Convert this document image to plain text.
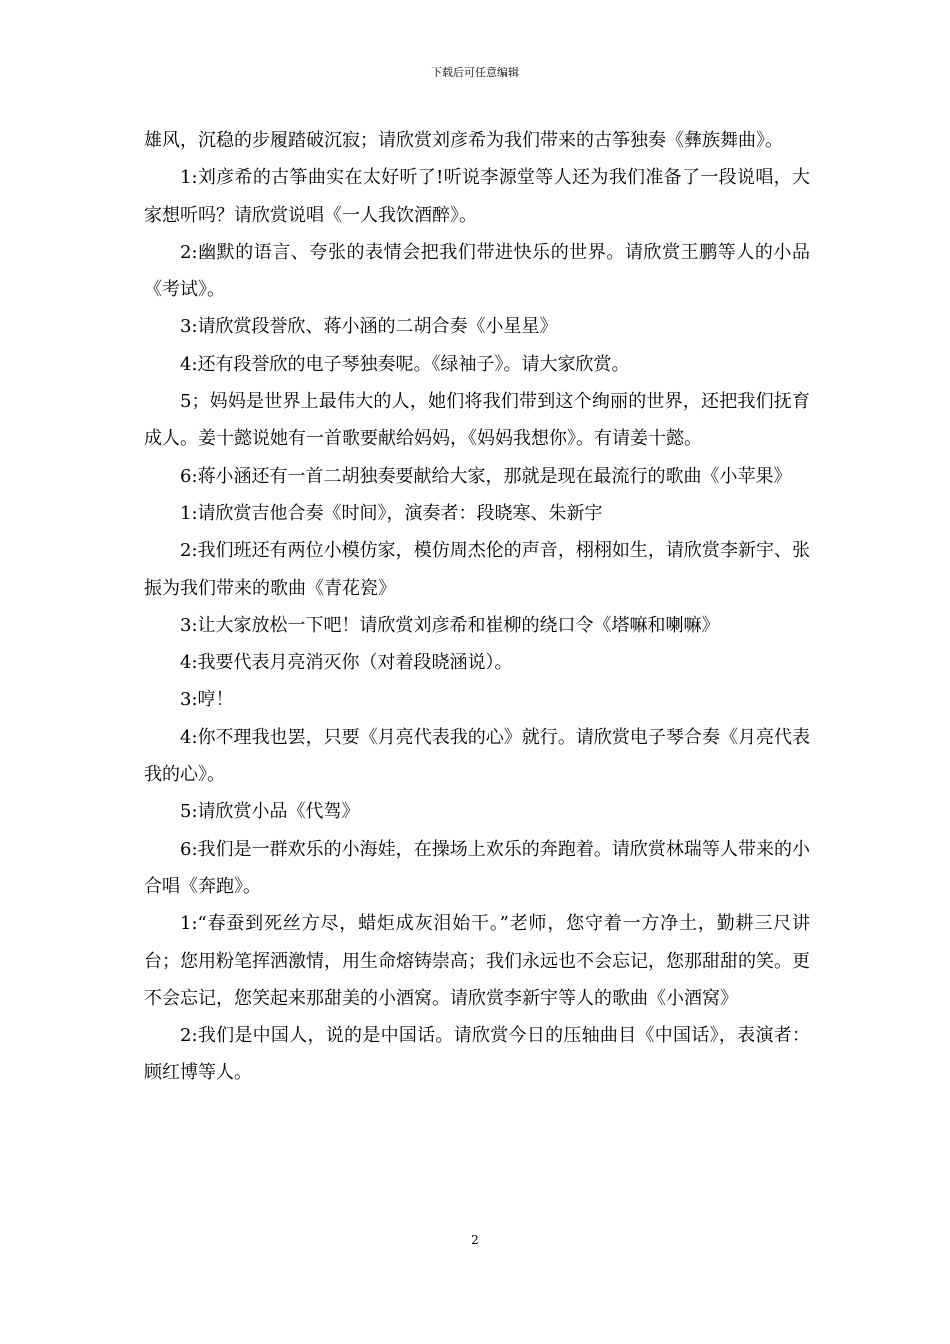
下载后可任意编辑

雄风，沉稳的步履踏破沉寂；请欣赏刘彦希为我们带来的古筝独奏《彝族舞曲》。

1:刘彦希的古筝曲实在太好听了!听说李源堂等人还为我们准备了一段说唱，大家想听吗？请欣赏说唱《一人我饮酒醉》。

2:幽默的语言、夸张的表情会把我们带进快乐的世界。请欣赏王鹏等人的小品《考试》。

3:请欣赏段誉欣、蒋小涵的二胡合奏《小星星》

4:还有段誉欣的电子琴独奏呢。《绿袖子》。请大家欣赏。

5；妈妈是世界上最伟大的人，她们将我们带到这个绚丽的世界，还把我们抚育成人。姜十懿说她有一首歌要献给妈妈，《妈妈我想你》。有请姜十懿。

6:蒋小涵还有一首二胡独奏要献给大家，那就是现在最流行的歌曲《小苹果》

1:请欣赏吉他合奏《时间》，演奏者：段晓寒、朱新宇

2:我们班还有两位小模仿家，模仿周杰伦的声音，栩栩如生，请欣赏李新宇、张振为我们带来的歌曲《青花瓷》

3:让大家放松一下吧！请欣赏刘彦希和崔柳的绕口令《塔嘛和喇嘛》

4:我要代表月亮消灭你（对着段晓涵说）。

3:哼！

4:你不理我也罢，只要《月亮代表我的心》就行。请欣赏电子琴合奏《月亮代表我的心》。

5:请欣赏小品《代驾》

6:我们是一群欢乐的小海娃，在操场上欢乐的奔跑着。请欣赏林瑞等人带来的小合唱《奔跑》。

1:“春蚕到死丝方尽，蜡炬成灰泪始干。”老师，您守着一方净土，勤耕三尺讲台；您用粉笔挥洒激情，用生命熔铸崇高；我们永远也不会忘记，您那甜甜的笑。更不会忘记，您笑起来那甜美的小酒窝。请欣赏李新宇等人的歌曲《小酒窝》

2:我们是中国人，说的是中国话。请欣赏今日的压轴曲目《中国话》，表演者：顾红博等人。

2
